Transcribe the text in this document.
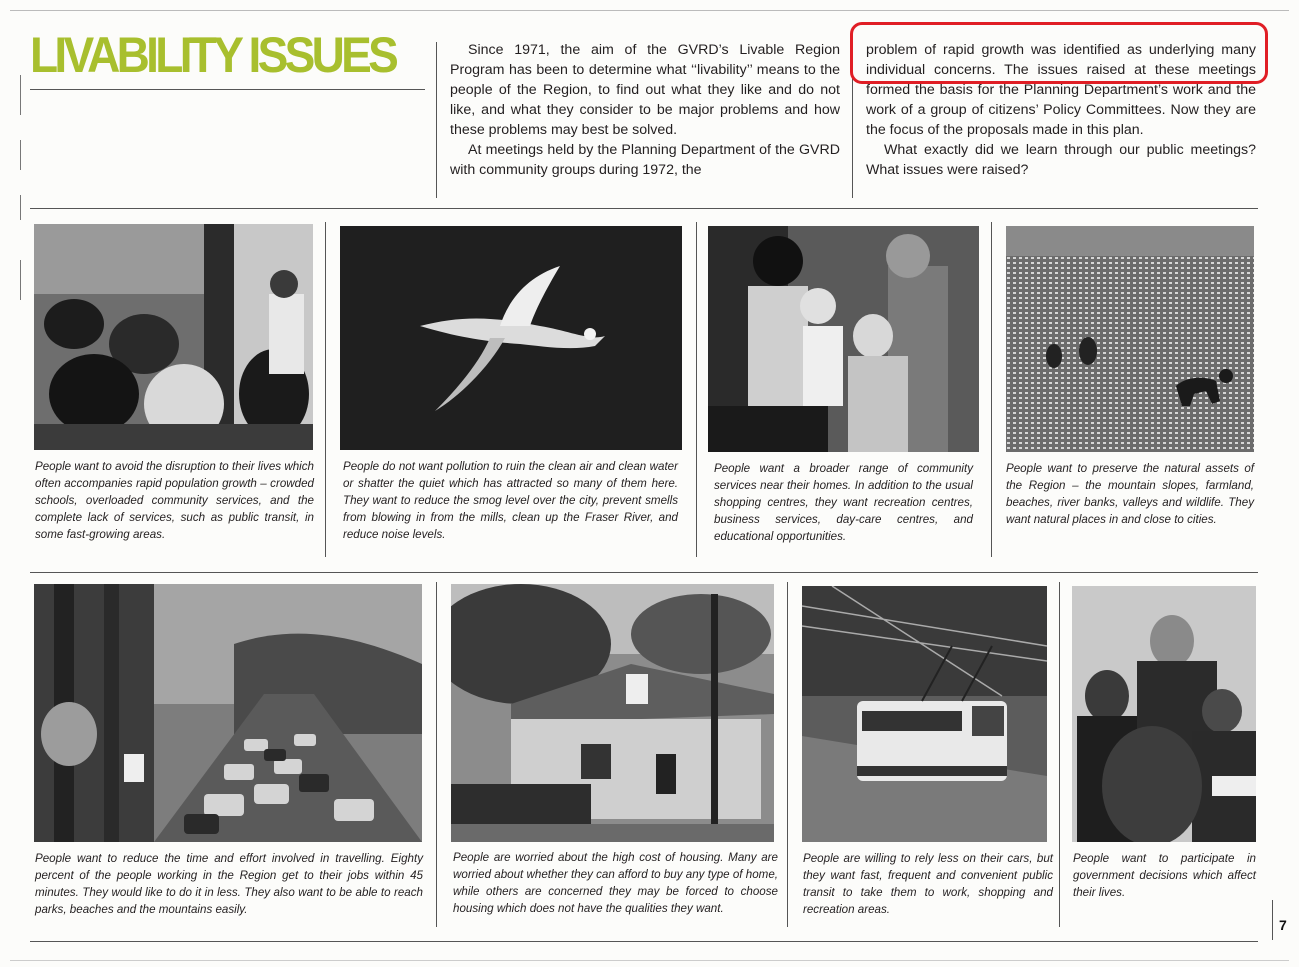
LIVABILITY ISSUES	Since 1971, the aim of the GVRD’s Livable Region Program has been to determine what ‘‘livability’’ means to the people of the Region, to find out what they like and do not like, and what they consider to be major problems and how these problems may best be solved.

At meetings held by the Planning Department of the GVRD with community groups during 1972, the

problem of rapid growth was identified as underlying many individual concerns. The issues raised at these meetings formed the basis for the Planning Department’s work and the work of a group of citizens’ Policy Committees. Now they are the focus of the proposals made in this plan.

What exactly did we learn through our public meetings? What issues were raised?

People want to avoid the disruption to their lives which often accompanies rapid population growth – crowded schools, overloaded community services, and the complete lack of services, such as public transit, in some fast-growing areas.
People do not want pollution to ruin the clean air and clean water or shatter the quiet which has attracted so many of them here. They want to reduce the smog level over the city, prevent smells from blowing in from the mills, clean up the Fraser River, and reduce noise levels.
People want a broader range of community services near their homes. In addition to the usual shopping centres, they want recreation centres, business services, day-care centres, and educational opportunities.
People want to preserve the natural assets of the Region – the mountain slopes, farmland, beaches, river banks, valleys and wildlife. They want natural places in and close to cities.
People want to reduce the time and effort involved in travelling. Eighty percent of the people working in the Region get to their jobs within 45 minutes. They would like to do it in less. They also want to be able to reach parks, beaches and the mountains easily.
People are worried about the high cost of housing. Many are worried about whether they can afford to buy any type of home, while others are concerned they may be forced to choose housing which does not have the qualities they want.
People are willing to rely less on their cars, but they want fast, frequent and convenient public transit to take them to work, shopping and recreation areas.
People want to participate in government decisions which affect their lives.
7
